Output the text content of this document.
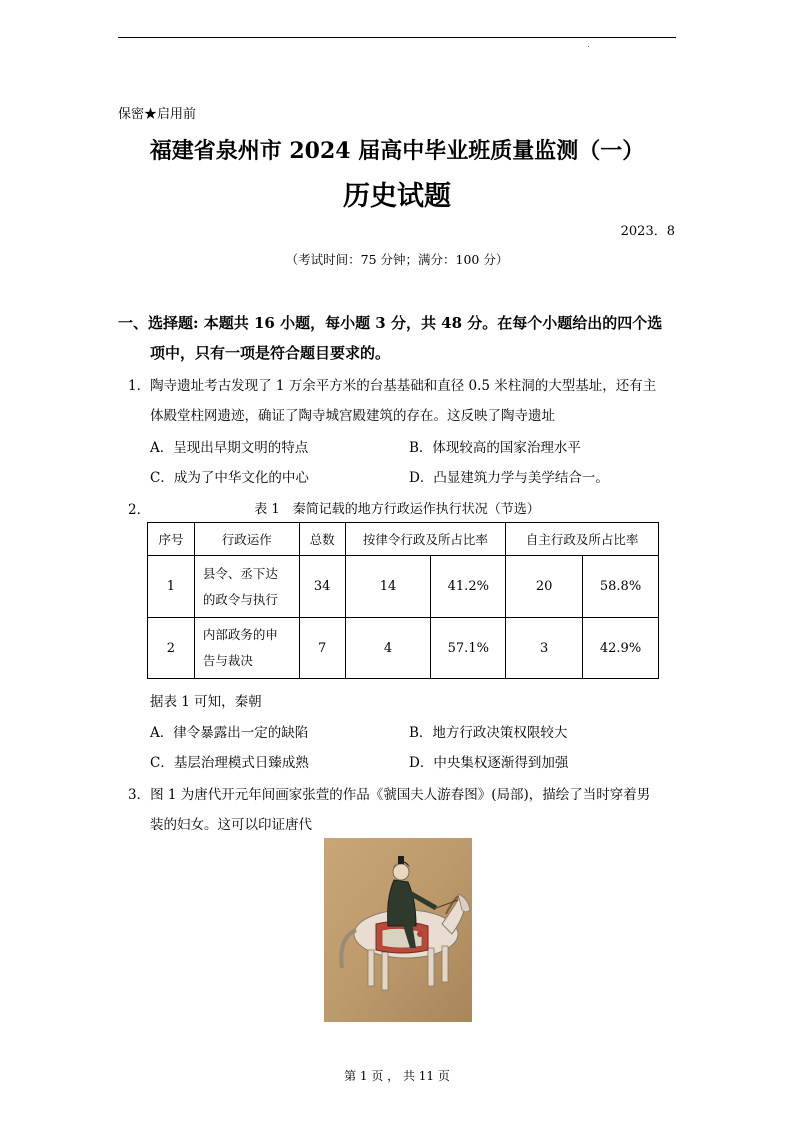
保密★启用前
福建省泉州市 2024 届高中毕业班质量监测（一）
历史试题
2023．8
（考试时间：75 分钟；满分：100 分）
一、选择题: 本题共 16 小题，每小题 3 分，共 48 分。在每个小题给出的四个选
项中，只有一项是符合题目要求的。
1．陶寺遗址考古发现了 1 万余平方米的台基基础和直径 0.5 米柱洞的大型基址，还有主
体殿堂柱网遗迹，确证了陶寺城宫殿建筑的存在。这反映了陶寺遗址
A．呈现出早期文明的特点	B．体现较高的国家治理水平
C．成为了中华文化的中心	D．凸显建筑力学与美学结合一。
2．	表 1　秦简记载的地方行政运作执行状况（节选）
序号	行政运作	总数	按律令行政及所占比率		自主行政及所占比率	
1	县令、丞下达
的政令与执行	34	14	41.2%	20	58.8%
2	内部政务的申
告与裁决	7	4	57.1%	3	42.9%
据表 1 可知，秦朝
A．律令暴露出一定的缺陷	B．地方行政决策权限较大
C．基层治理模式日臻成熟	D．中央集权逐渐得到加强
3．图 1 为唐代开元年间画家张萱的作品《虢国夫人游春图》(局部)，描绘了当时穿着男
装的妇女。这可以印证唐代
第 1 页 ， 共 11 页
